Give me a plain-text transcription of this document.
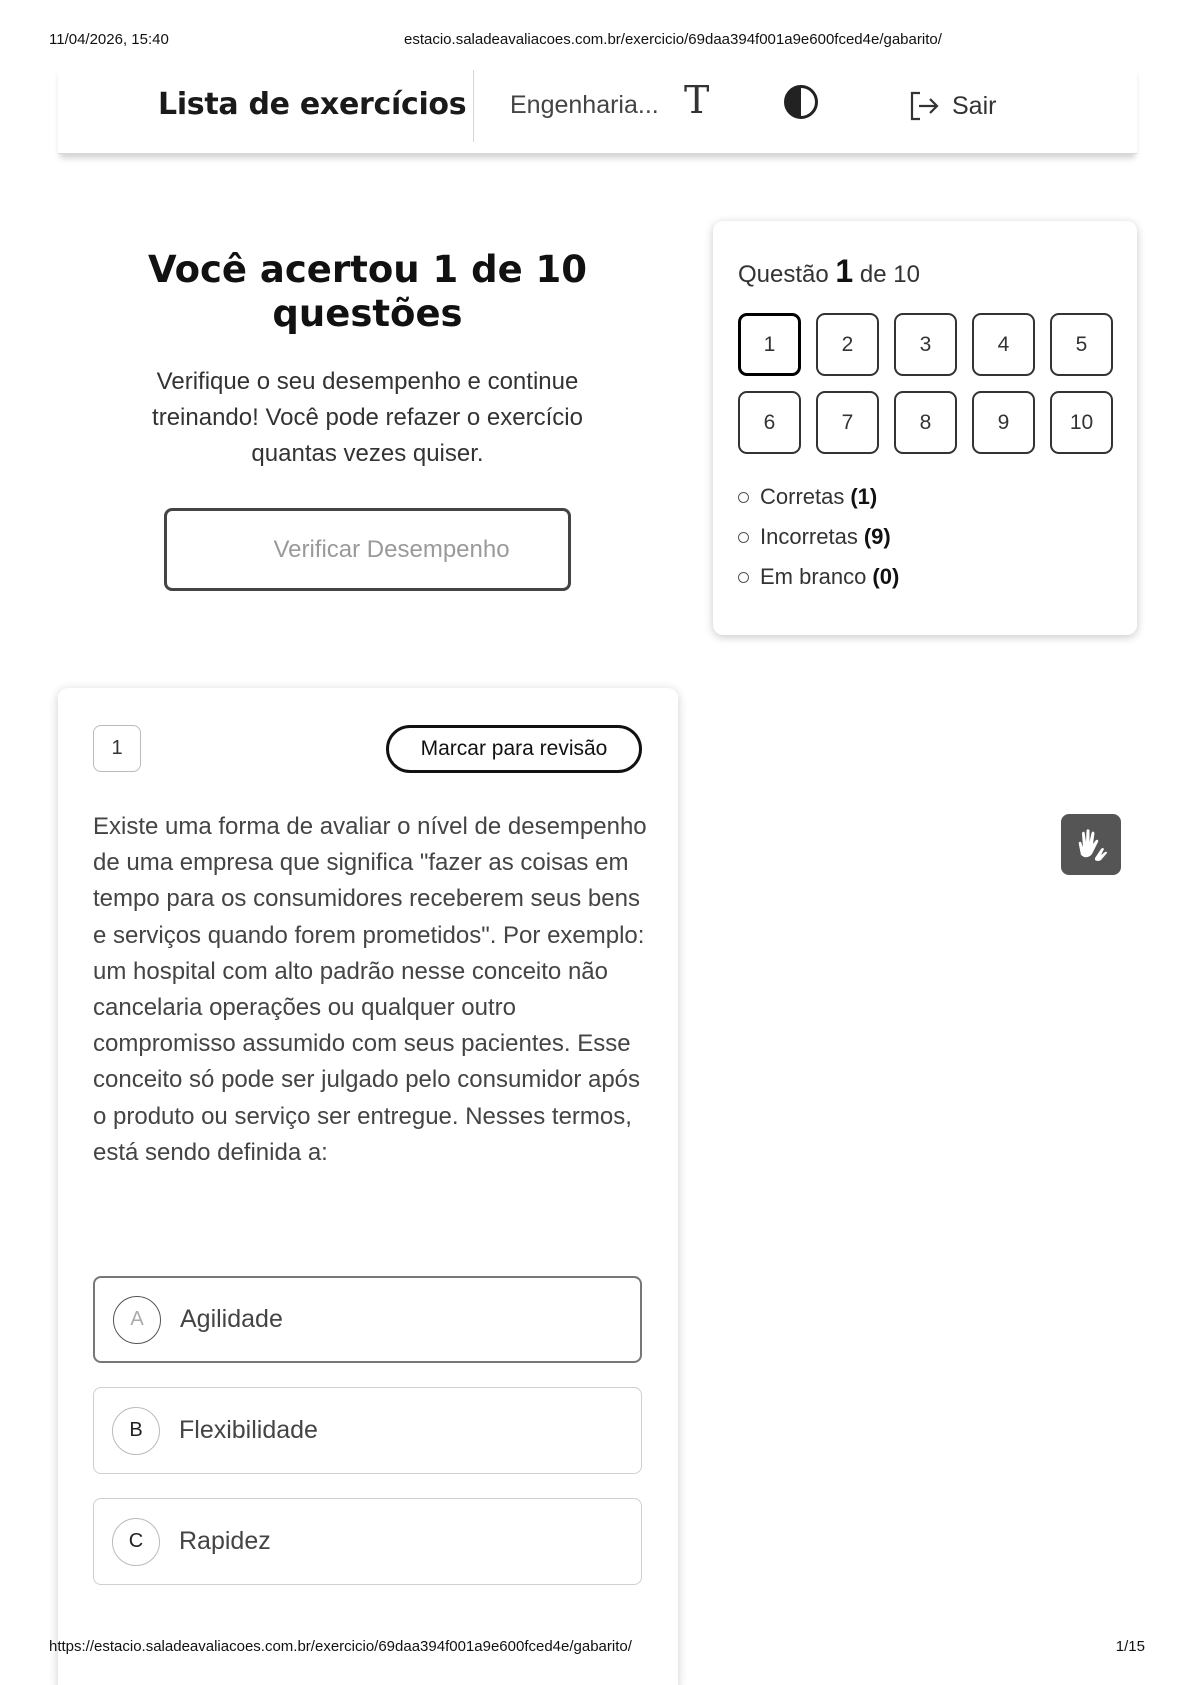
11/04/2026, 15:40	estacio.saladeavaliacoes.com.br/exercicio/69daa394f001a9e600fced4e/gabarito/
Lista de exercícios Engenharia... T	Sair
Você acertou 1 de 10 questões
Verifique o seu desempenho e continue treinando! Você pode refazer o exercício quantas vezes quiser.
Verificar Desempenho
Questão 1 de 10
1	2	3	4	5
6	7	8	9	10
Corretas (1)
Incorretas (9)
Em branco (0)
1	Marcar para revisão
Existe uma forma de avaliar o nível de desempenho de uma empresa que significa "fazer as coisas em tempo para os consumidores receberem seus bens e serviços quando forem prometidos". Por exemplo: um hospital com alto padrão nesse conceito não cancelaria operações ou qualquer outro compromisso assumido com seus pacientes. Esse conceito só pode ser julgado pelo consumidor após o produto ou serviço ser entregue. Nesses termos, está sendo definida a:
A	Agilidade
B	Flexibilidade
C	Rapidez
https://estacio.saladeavaliacoes.com.br/exercicio/69daa394f001a9e600fced4e/gabarito/	1/15
